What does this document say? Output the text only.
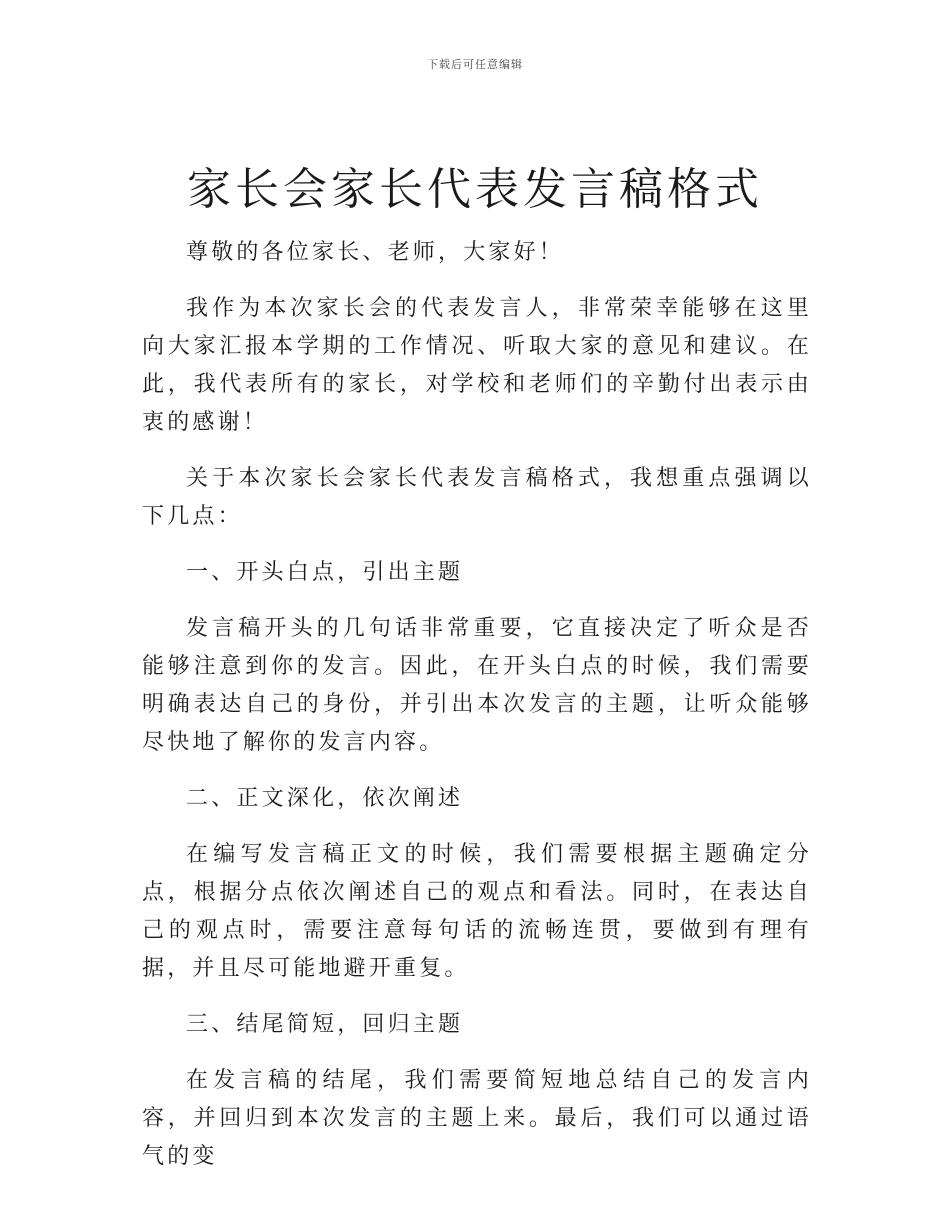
下载后可任意编辑
家长会家长代表发言稿格式

尊敬的各位家长、老师，大家好！

我作为本次家长会的代表发言人，非常荣幸能够在这里向大家汇报本学期的工作情况、听取大家的意见和建议。在此，我代表所有的家长，对学校和老师们的辛勤付出表示由衷的感谢！

关于本次家长会家长代表发言稿格式，我想重点强调以下几点：

一、开头白点，引出主题

发言稿开头的几句话非常重要，它直接决定了听众是否能够注意到你的发言。因此，在开头白点的时候，我们需要明确表达自己的身份，并引出本次发言的主题，让听众能够尽快地了解你的发言内容。

二、正文深化，依次阐述

在编写发言稿正文的时候，我们需要根据主题确定分点，根据分点依次阐述自己的观点和看法。同时，在表达自己的观点时，需要注意每句话的流畅连贯，要做到有理有据，并且尽可能地避开重复。

三、结尾简短，回归主题

在发言稿的结尾，我们需要简短地总结自己的发言内容，并回归到本次发言的主题上来。最后，我们可以通过语气的变
